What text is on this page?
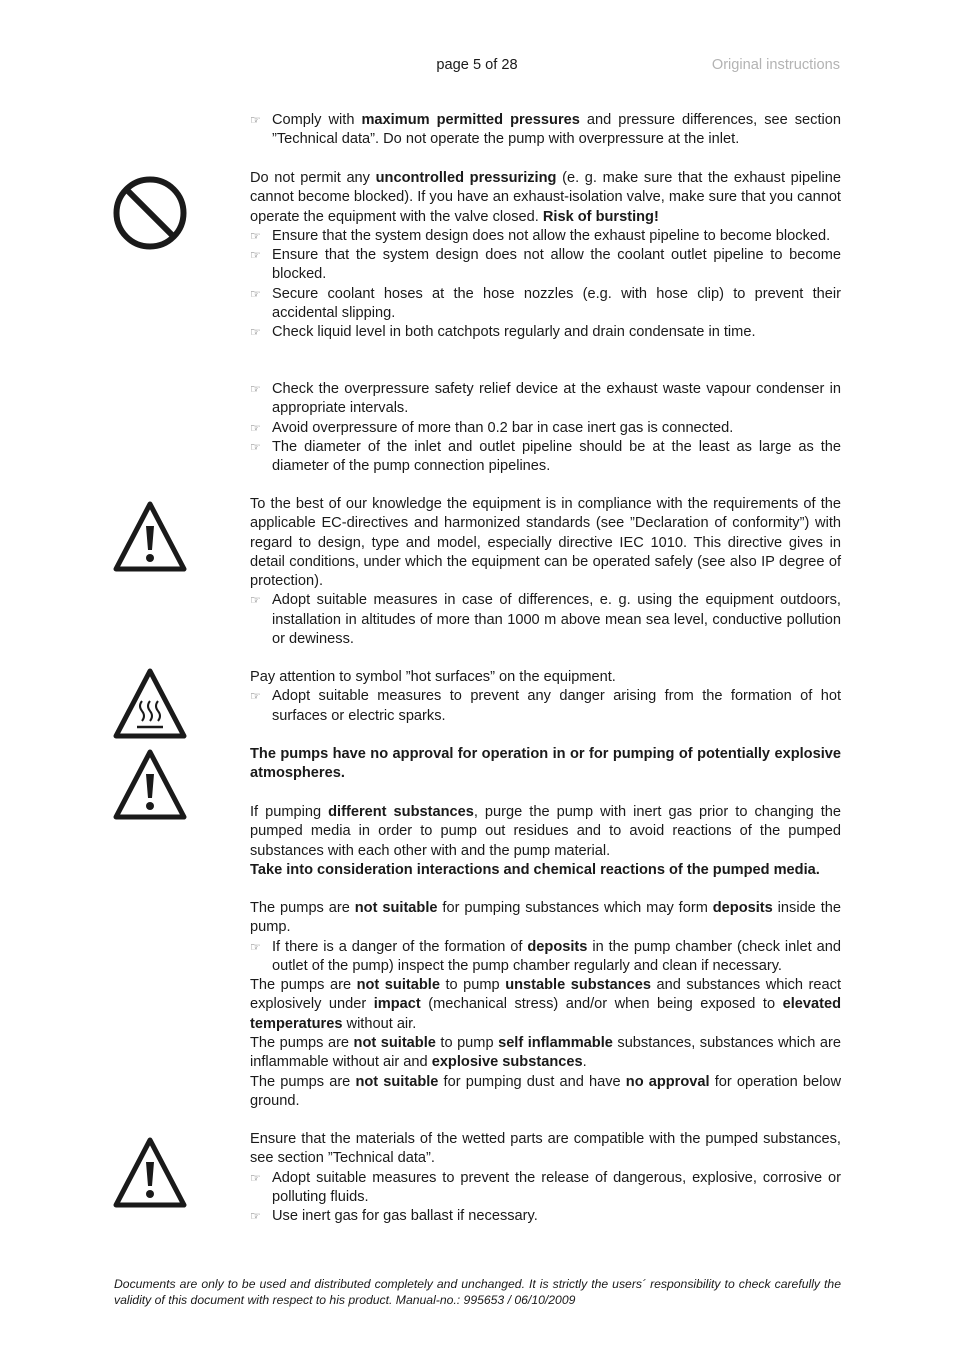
page 5 of 28	Original instructions
☞ Comply with maximum permitted pressures and pressure differences, see section ”Technical data”. Do not operate the pump with overpressure at the inlet.

Do not permit any uncontrolled pressurizing (e. g. make sure that the exhaust pipeline cannot become blocked). If you have an exhaust-isolation valve, make sure that you cannot operate the equipment with the valve closed. Risk of bursting!

☞ Ensure that the system design does not allow the exhaust pipeline to become blocked.
☞ Ensure that the system design does not allow the coolant outlet pipeline to become blocked.
☞ Secure coolant hoses at the hose nozzles (e.g. with hose clip) to prevent their accidental slipping.
☞ Check liquid level in both catchpots regularly and drain condensate in time.
☞ Check the overpressure safety relief device at the exhaust waste vapour condenser in appropriate intervals.
☞ Avoid overpressure of more than 0.2 bar in case inert gas is connected.
☞ The diameter of the inlet and outlet pipeline should be at the least as large as the diameter of the pump connection pipelines.

To the best of our knowledge the equipment is in compliance with the requirements of the applicable EC-directives and harmonized standards (see ”Declaration of conformity”) with regard to design, type and model, especially directive IEC 1010. This directive gives in detail conditions, under which the equipment can be operated safely (see also IP degree of protection).

☞ Adopt suitable measures in case of differences, e. g. using the equipment outdoors, installation in altitudes of more than 1000 m above mean sea level, conductive pollution or dewiness.

Pay attention to symbol ”hot surfaces” on the equipment.

☞ Adopt suitable measures to prevent any danger arising from the formation of hot surfaces or electric sparks.

The pumps have no approval for operation in or for pumping of potentially explosive atmospheres.

If pumping different substances, purge the pump with inert gas prior to changing the pumped media in order to pump out residues and to avoid reactions of the pumped substances with each other with and the pump material.

Take into consideration interactions and chemical reactions of the pumped media.

The pumps are not suitable for pumping substances which may form deposits inside the pump.

☞ If there is a danger of the formation of deposits in the pump chamber (check inlet and outlet of the pump) inspect the pump chamber regularly and clean if necessary.

The pumps are not suitable to pump unstable substances and substances which react explosively under impact (mechanical stress) and/or when being exposed to elevated temperatures without air.

The pumps are not suitable to pump self inflammable substances, substances which are inflammable without air and explosive substances.

The pumps are not suitable for pumping dust and have no approval for operation below ground.

Ensure that the materials of the wetted parts are compatible with the pumped substances, see section ”Technical data”.

☞ Adopt suitable measures to prevent the release of dangerous, explosive, corrosive or polluting fluids.
☞ Use inert gas for gas ballast if necessary.
Documents are only to be used and distributed completely and unchanged. It is strictly the users´ responsibility to check carefully the validity of this document with respect to his product. Manual-no.: 995653 / 06/10/2009
